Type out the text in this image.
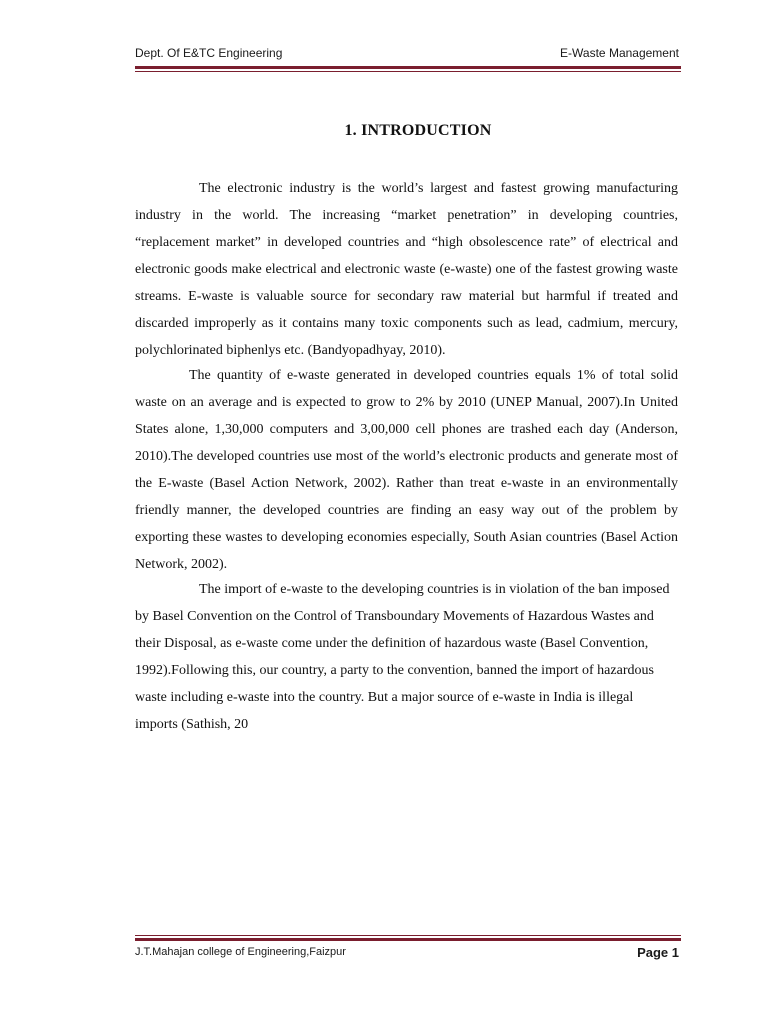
Dept. Of E&TC Engineering	E-Waste Management
1. INTRODUCTION
The electronic industry is the world’s largest and fastest growing manufacturing industry in the world. The increasing “market penetration” in developing countries, “replacement market” in developed countries and “high obsolescence rate” of electrical and electronic goods make electrical and electronic waste (e-waste) one of the fastest growing waste streams. E-waste is valuable source for secondary raw material but harmful if treated and discarded improperly as it contains many toxic components such as lead, cadmium, mercury, polychlorinated biphenlys etc. (Bandyopadhyay, 2010).
The quantity of e-waste generated in developed countries equals 1% of total solid waste on an average and is expected to grow to 2% by 2010 (UNEP Manual, 2007).In United States alone, 1,30,000 computers and 3,00,000 cell phones are trashed each day (Anderson, 2010).The developed countries use most of the world’s electronic products and generate most of the E-waste (Basel Action Network, 2002). Rather than treat e-waste in an environmentally friendly manner, the developed countries are finding an easy way out of the problem by exporting these wastes to developing economies especially, South Asian countries (Basel Action Network, 2002).
The import of e-waste to the developing countries is in violation of the ban imposed by Basel Convention on the Control of Transboundary Movements of Hazardous Wastes and their Disposal, as e-waste come under the definition of hazardous waste (Basel Convention, 1992).Following this, our country, a party to the convention, banned the import of hazardous waste including e-waste into the country. But a major source of e-waste in India is illegal imports (Sathish, 20
J.T.Mahajan college of Engineering,Faizpur	Page 1
